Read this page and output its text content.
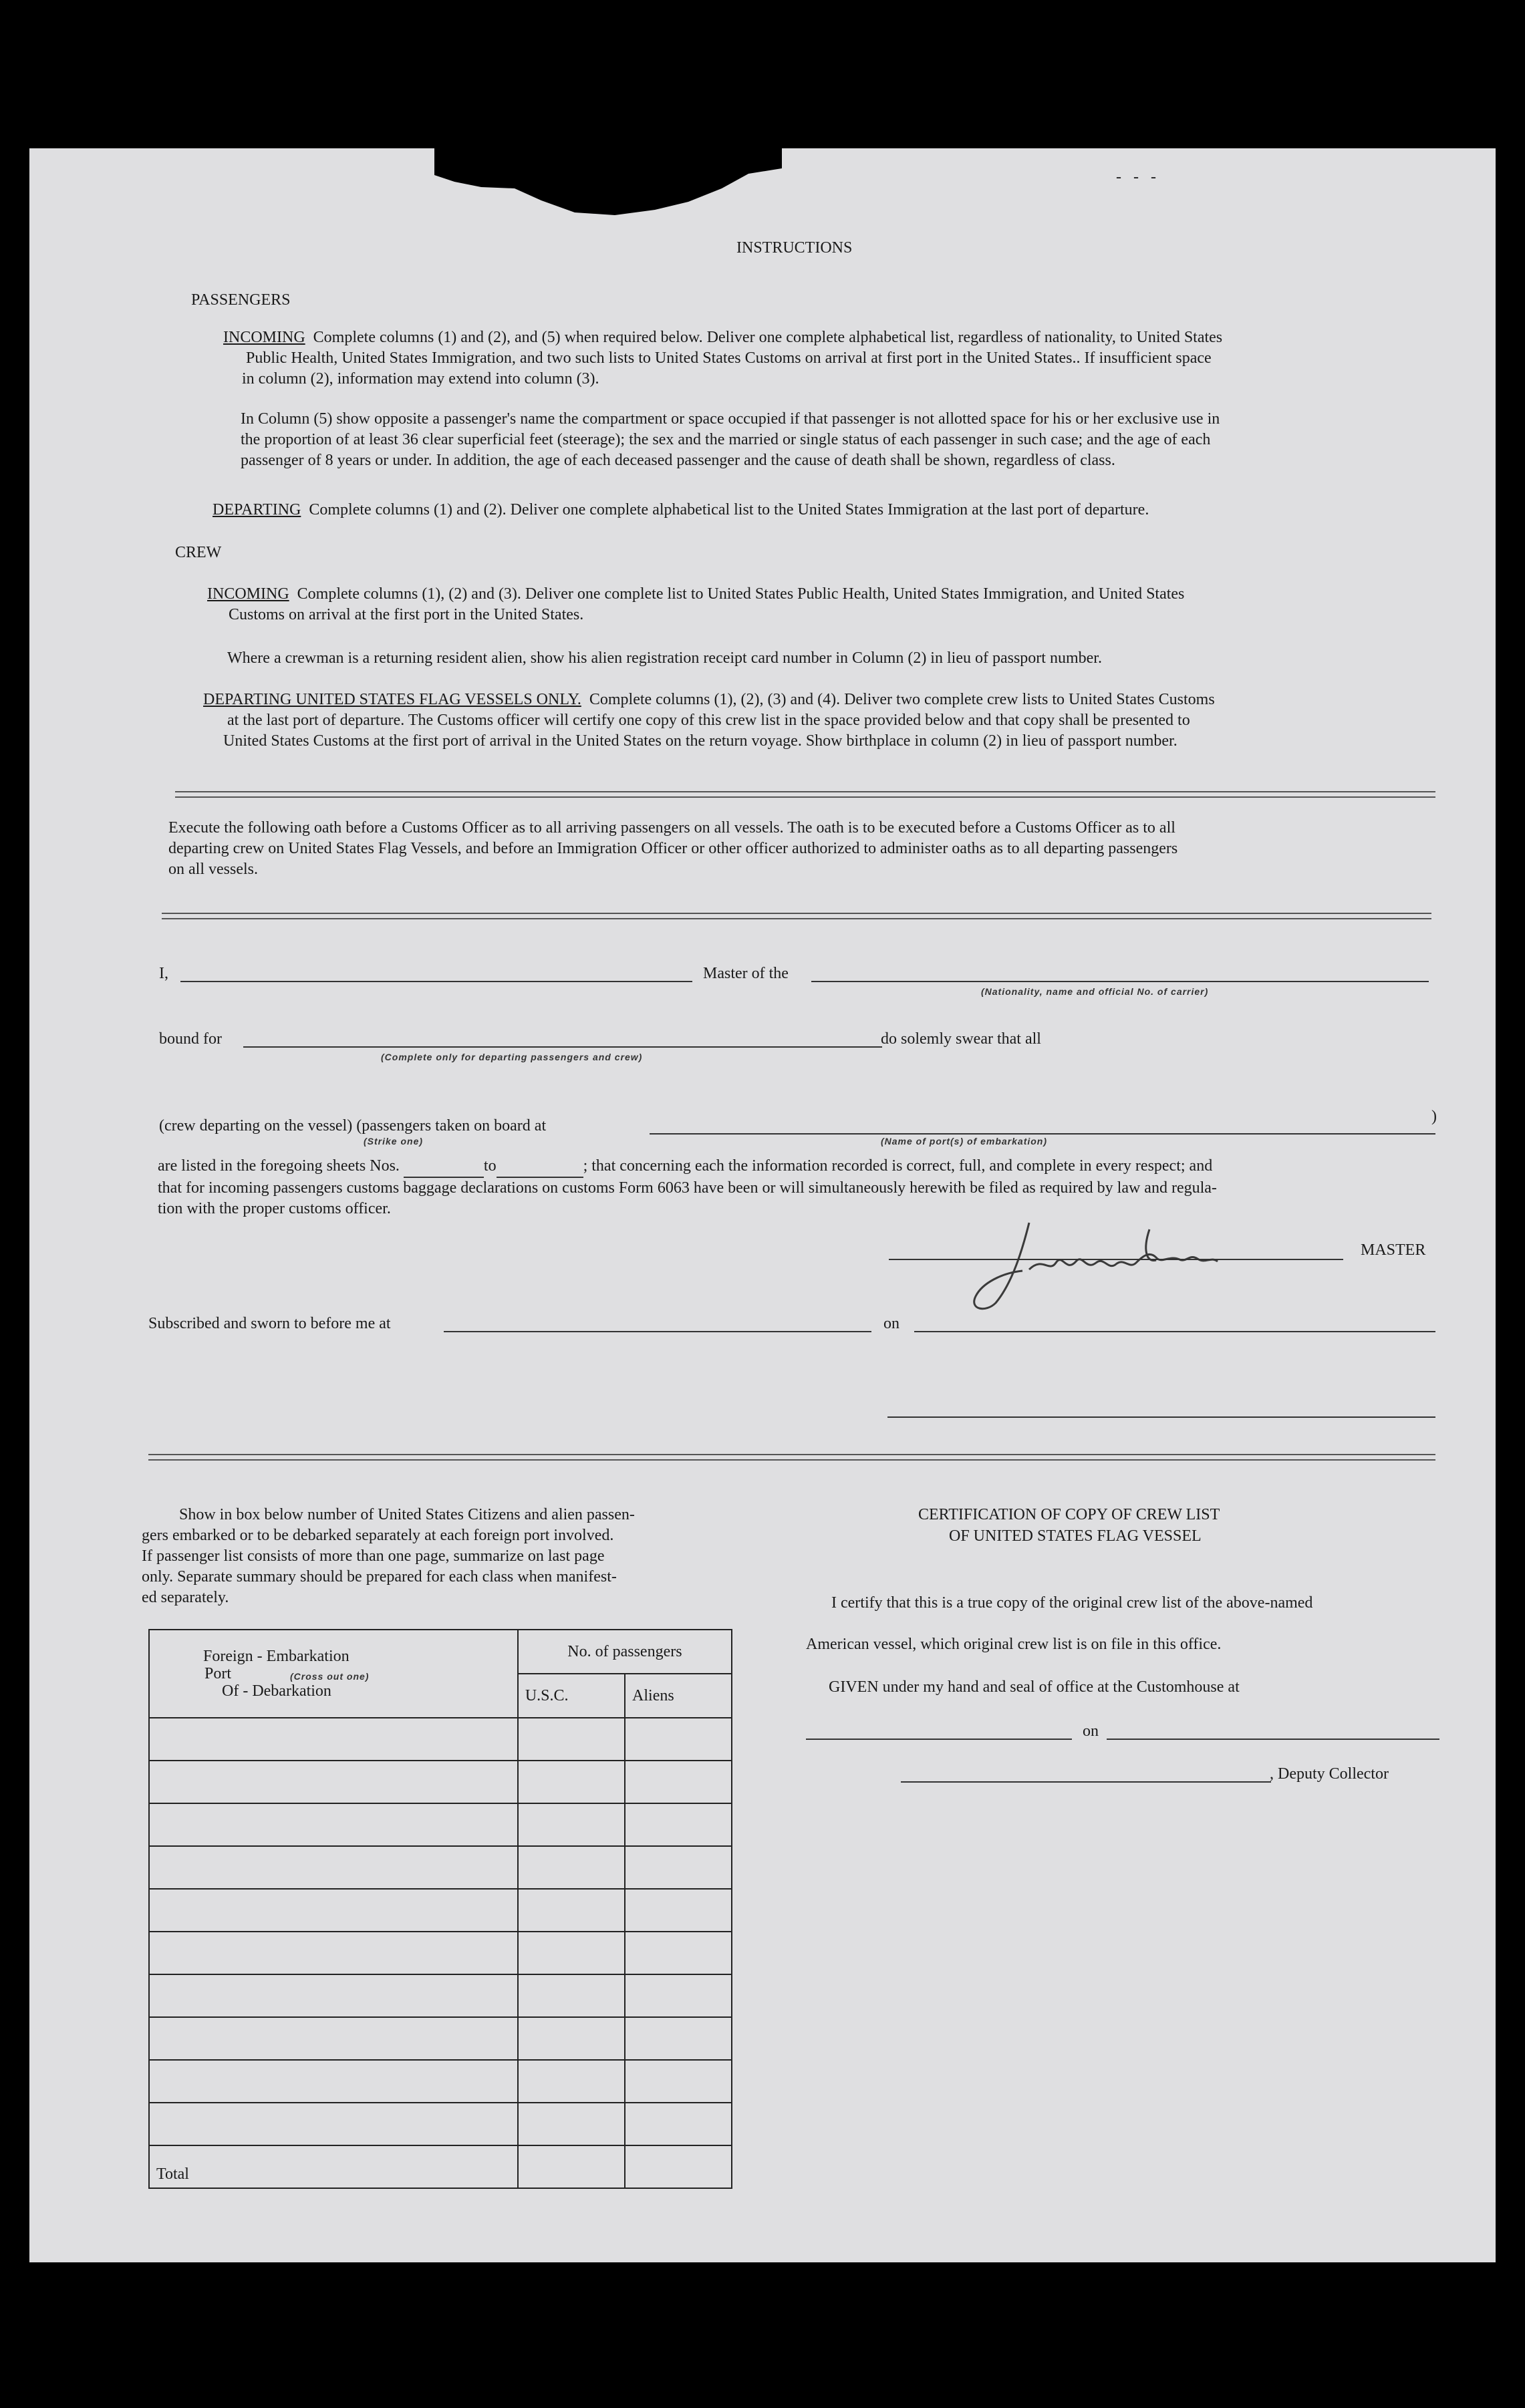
- - -
INSTRUCTIONS
PASSENGERS
INCOMING Complete columns (1) and (2), and (5) when required below. Deliver one complete alphabetical list, regardless of nationality, to United States
Public Health, United States Immigration, and two such lists to United States Customs on arrival at first port in the United States.. If insufficient space
in column (2), information may extend into column (3).
In Column (5) show opposite a passenger's name the compartment or space occupied if that passenger is not allotted space for his or her exclusive use in
the proportion of at least 36 clear superficial feet (steerage); the sex and the married or single status of each passenger in such case; and the age of each
passenger of 8 years or under. In addition, the age of each deceased passenger and the cause of death shall be shown, regardless of class.
DEPARTING Complete columns (1) and (2). Deliver one complete alphabetical list to the United States Immigration at the last port of departure.
CREW
INCOMING Complete columns (1), (2) and (3). Deliver one complete list to United States Public Health, United States Immigration, and United States
Customs on arrival at the first port in the United States.
Where a crewman is a returning resident alien, show his alien registration receipt card number in Column (2) in lieu of passport number.
DEPARTING UNITED STATES FLAG VESSELS ONLY. Complete columns (1), (2), (3) and (4). Deliver two complete crew lists to United States Customs
at the last port of departure. The Customs officer will certify one copy of this crew list in the space provided below and that copy shall be presented to
United States Customs at the first port of arrival in the United States on the return voyage. Show birthplace in column (2) in lieu of passport number.
Execute the following oath before a Customs Officer as to all arriving passengers on all vessels. The oath is to be executed before a Customs Officer as to all
departing crew on United States Flag Vessels, and before an Immigration Officer or other officer authorized to administer oaths as to all departing passengers
on all vessels.
I,	Master of the
(Nationality, name and official No. of carrier)
bound for	do solemly swear that all
(Complete only for departing passengers and crew)
(crew departing on the vessel) (passengers taken on board at
)
(Strike one)	(Name of port(s) of embarkation)
are listed in the foregoing sheets Nos.	to	; that concerning each the information recorded is correct, full, and complete in every respect; and
that for incoming passengers customs baggage declarations on customs Form 6063 have been or will simultaneously herewith be filed as required by law and regula-
tion with the proper customs officer.
MASTER
Subscribed and sworn to before me at	on
Show in box below number of United States Citizens and alien passen-
gers embarked or to be debarked separately at each foreign port involved.
If passenger list consists of more than one page, summarize on last page
only. Separate summary should be prepared for each class when manifest-
ed separately.
Foreign - Embarkation
Port (Cross out one)
Of - Debarkation	No. of passengers	
	U.S.C.	Aliens

Total		
CERTIFICATION OF COPY OF CREW LIST
OF UNITED STATES FLAG VESSEL
I certify that this is a true copy of the original crew list of the above-named
American vessel, which original crew list is on file in this office.
GIVEN under my hand and seal of office at the Customhouse at
on
, Deputy Collector
